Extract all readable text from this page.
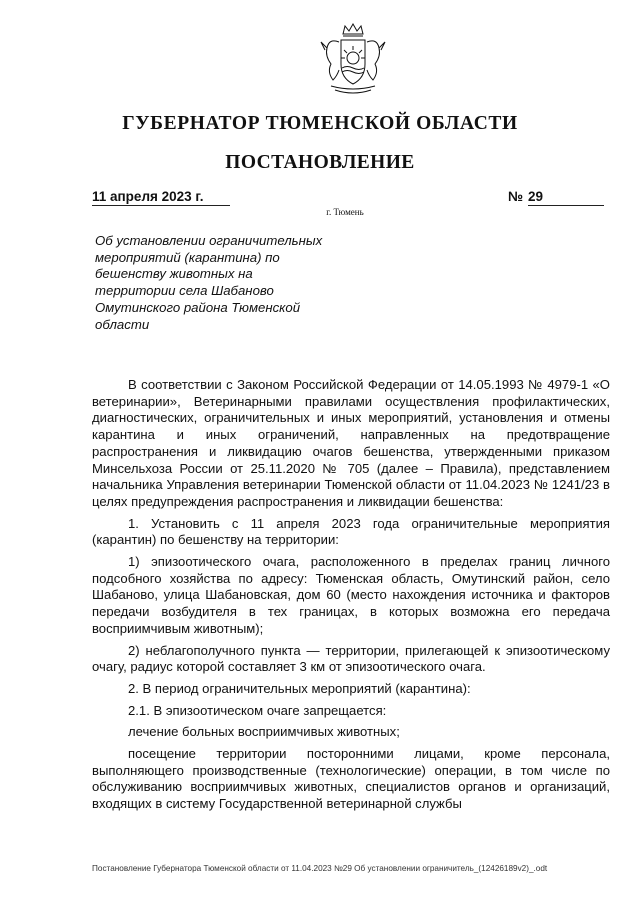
ГУБЕРНАТОР ТЮМЕНСКОЙ ОБЛАСТИ
ПОСТАНОВЛЕНИЕ
11 апреля 2023 г.	№ 29
г. Тюмень
Об установлении ограничительных
мероприятий (карантина) по
бешенству животных на
территории села Шабаново
Омутинского района Тюменской
области

В соответствии с Законом Российской Федерации от 14.05.1993 № 4979-1 «О ветеринарии», Ветеринарными правилами осуществления профилактических, диагностических, ограничительных и иных мероприятий, установления и отмены карантина и иных ограничений, направленных на предотвращение распространения и ликвидацию очагов бешенства, утвержденными приказом Минсельхоза России от 25.11.2020 № 705 (далее – Правила), представлением начальника Управления ветеринарии Тюменской области от 11.04.2023 № 1241/23 в целях предупреждения распространения и ликвидации бешенства:

1. Установить с 11 апреля 2023 года ограничительные мероприятия (карантин) по бешенству на территории:

1) эпизоотического очага, расположенного в пределах границ личного подсобного хозяйства по адресу: Тюменская область, Омутинский район, село Шабаново, улица Шабановская, дом 60 (место нахождения источника и факторов передачи возбудителя в тех границах, в которых возможна его передача восприимчивым животным);

2) неблагополучного пункта — территории, прилегающей к эпизоотическому очагу, радиус которой составляет 3 км от эпизоотического очага.

2. В период ограничительных мероприятий (карантина):

2.1. В эпизоотическом очаге запрещается:

лечение больных восприимчивых животных;

посещение территории посторонними лицами, кроме персонала, выполняющего производственные (технологические) операции, в том числе по обслуживанию восприимчивых животных, специалистов органов и организаций, входящих в систему Государственной ветеринарной службы

Постановление Губернатора Тюменской области от 11.04.2023 №29 Об установлении ограничитель_(12426189v2)_.odt
